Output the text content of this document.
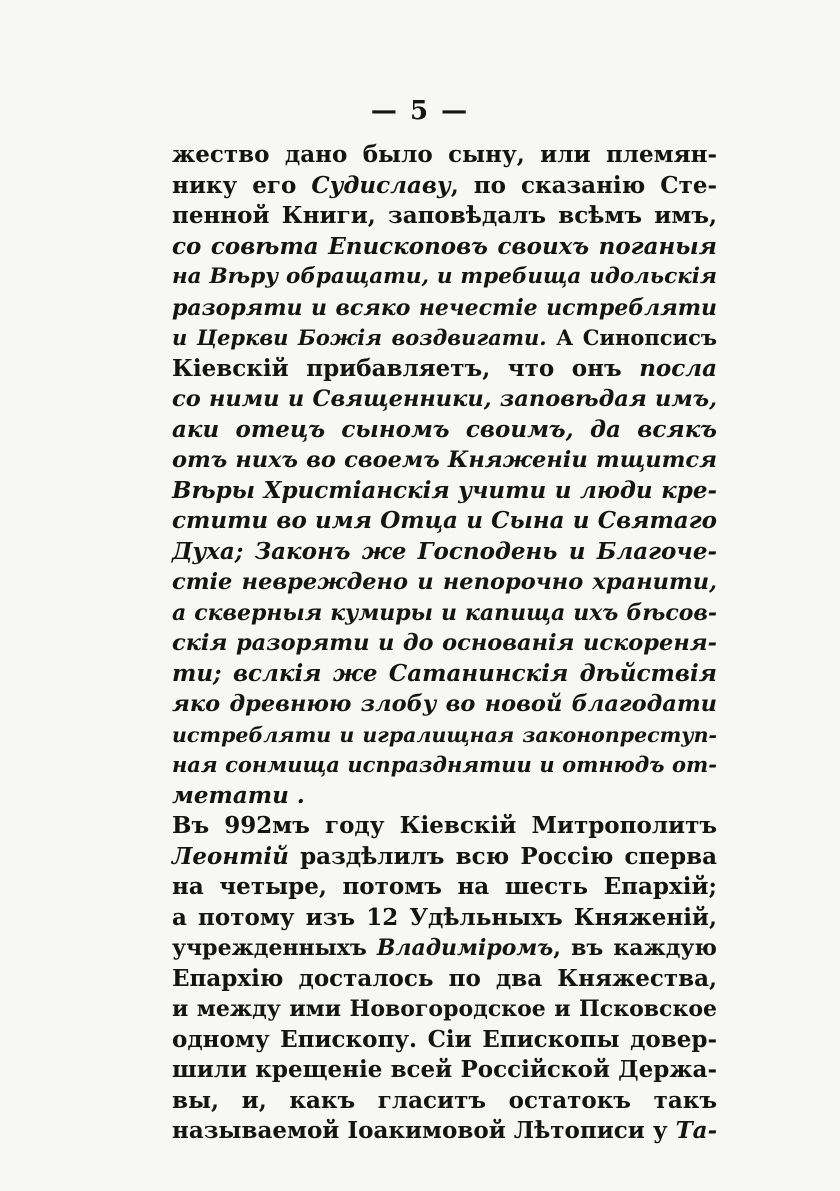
— 5 —
жество дано было сыну, или племян-
нику его Судиславу, по сказанію Сте-
пенной Книги, заповѣдалъ всѣмъ имъ,
со совѣта Епископовъ своихъ поганыя
на Вѣру обращати, и требища идольскія
разоряти и всяко нечестіе истребляти
и Церкви Божія воздвигати. А Синопсисъ
Кіевскій прибавляетъ, что онъ посла
со ними и Священники, заповѣдая имъ,
аки отецъ сыномъ своимъ, да всякъ
отъ нихъ во своемъ Княженіи тщится
Вѣры Христіанскія учити и люди кре-
стити во имя Отца и Сына и Святаго
Духа; Законъ же Господень и Благоче-
стіе невреждено и непорочно хранити,
а скверныя кумиры и капища ихъ бѣсов-
скія разоряти и до основанія искореня-
ти; вслкія же Сатанинскія дѣйствія
яко древнюю злобу во новой благодати
истребляти и игралищная законопреступ-
ная сонмища испразднятии и отнюдъ от-
метати .
Въ 992мъ году Кіевскій Митрополитъ
Леонтій раздѣлилъ всю Россію сперва
на четыре, потомъ на шесть Епархій;
а потому изъ 12 Удѣльныхъ Княженій,
учрежденныхъ Владиміромъ, въ каждую
Епархію досталось по два Княжества,
и между ими Новогородское и Псковское
одному Епископу. Сіи Епископы довер-
шили крещеніе всей Россійской Держа-
вы, и, какъ гласитъ остатокъ такъ
называемой Іоакимовой Лѣтописи у Та-
